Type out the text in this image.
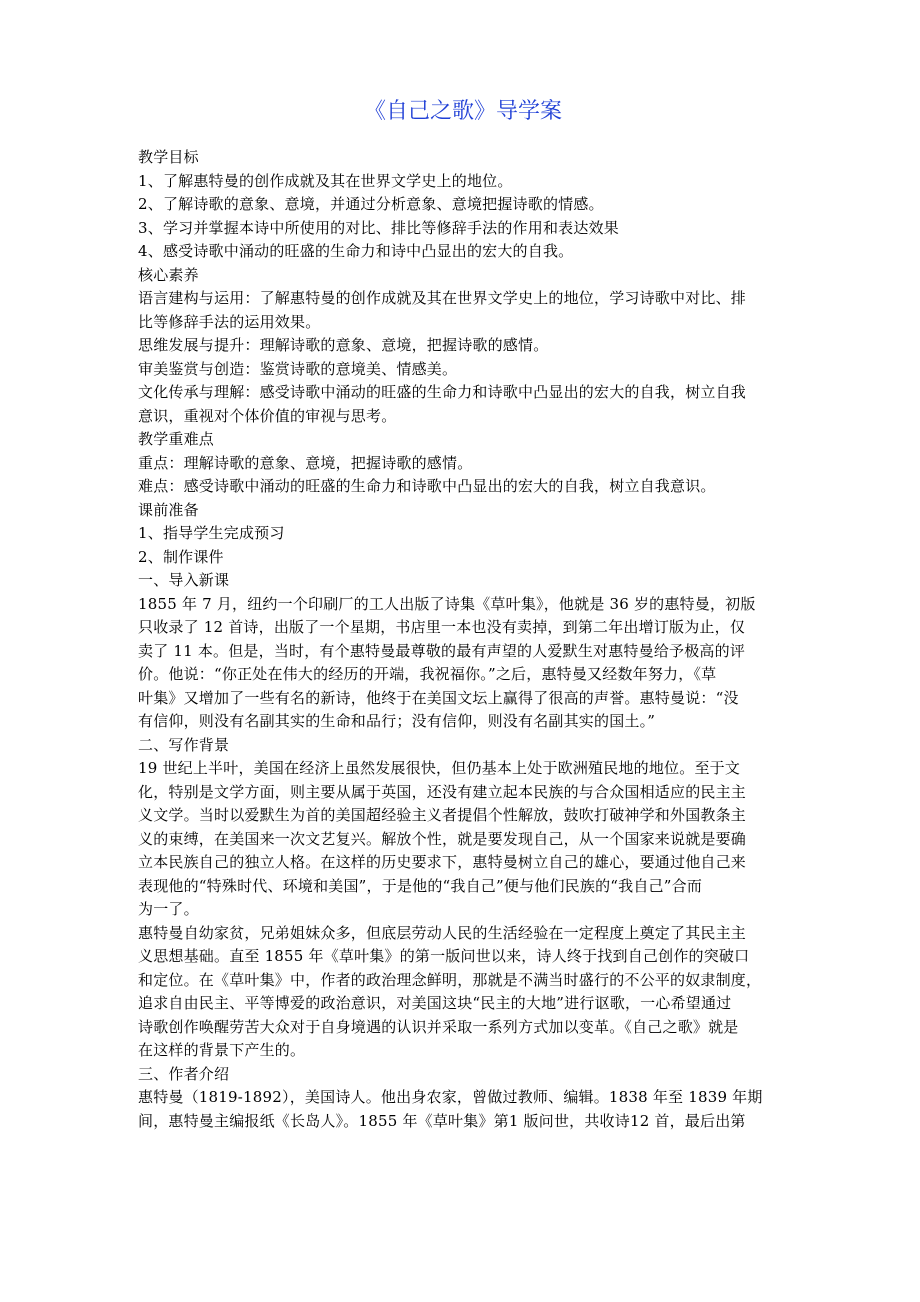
《自己之歌》导学案
教学目标
1、了解惠特曼的创作成就及其在世界文学史上的地位。
2、了解诗歌的意象、意境，并通过分析意象、意境把握诗歌的情感。
3、学习并掌握本诗中所使用的对比、排比等修辞手法的作用和表达效果
4、感受诗歌中涌动的旺盛的生命力和诗中凸显出的宏大的自我。
核心素养
语言建构与运用：了解惠特曼的创作成就及其在世界文学史上的地位，学习诗歌中对比、排
比等修辞手法的运用效果。
思维发展与提升：理解诗歌的意象、意境，把握诗歌的感情。
审美鉴赏与创造：鉴赏诗歌的意境美、情感美。
文化传承与理解：感受诗歌中涌动的旺盛的生命力和诗歌中凸显出的宏大的自我，树立自我
意识，重视对个体价值的审视与思考。
教学重难点
重点：理解诗歌的意象、意境，把握诗歌的感情。
难点：感受诗歌中涌动的旺盛的生命力和诗歌中凸显出的宏大的自我，树立自我意识。
课前准备
1、指导学生完成预习
2、制作课件
一、导入新课
1855 年 7 月，纽约一个印刷厂的工人出版了诗集《草叶集》，他就是 36 岁的惠特曼，初版
只收录了 12 首诗，出版了一个星期，书店里一本也没有卖掉，到第二年出增订版为止，仅
卖了 11 本。但是，当时，有个惠特曼最尊敬的最有声望的人爱默生对惠特曼给予极高的评
价。他说：“你正处在伟大的经历的开端，我祝福你。”之后，惠特曼又经数年努力，《草
叶集》又增加了一些有名的新诗，他终于在美国文坛上赢得了很高的声誉。惠特曼说：“没
有信仰，则没有名副其实的生命和品行；没有信仰，则没有名副其实的国土。”
二、写作背景
19 世纪上半叶，美国在经济上虽然发展很快，但仍基本上处于欧洲殖民地的地位。至于文
化，特别是文学方面，则主要从属于英国，还没有建立起本民族的与合众国相适应的民主主
义文学。当时以爱默生为首的美国超经验主义者提倡个性解放，鼓吹打破神学和外国教条主
义的束缚，在美国来一次文艺复兴。解放个性，就是要发现自己，从一个国家来说就是要确
立本民族自己的独立人格。在这样的历史要求下，惠特曼树立自己的雄心，要通过他自己来
表现他的“特殊时代、环境和美国”，于是他的“我自己”便与他们民族的“我自己”合而
为一了。
惠特曼自幼家贫，兄弟姐妹众多，但底层劳动人民的生活经验在一定程度上奠定了其民主主
义思想基础。直至 1855 年《草叶集》的第一版问世以来，诗人终于找到自己创作的突破口
和定位。在《草叶集》中，作者的政治理念鲜明，那就是不满当时盛行的不公平的奴隶制度，
追求自由民主、平等博爱的政治意识，对美国这块“民主的大地”进行讴歌，一心希望通过
诗歌创作唤醒劳苦大众对于自身境遇的认识并采取一系列方式加以变革。《自己之歌》就是
在这样的背景下产生的。
三、作者介绍
惠特曼（1819-1892），美国诗人。他出身农家，曾做过教师、编辑。1838 年至 1839 年期
间，惠特曼主编报纸《长岛人》。1855 年《草叶集》第1 版问世，共收诗12 首，最后出第
